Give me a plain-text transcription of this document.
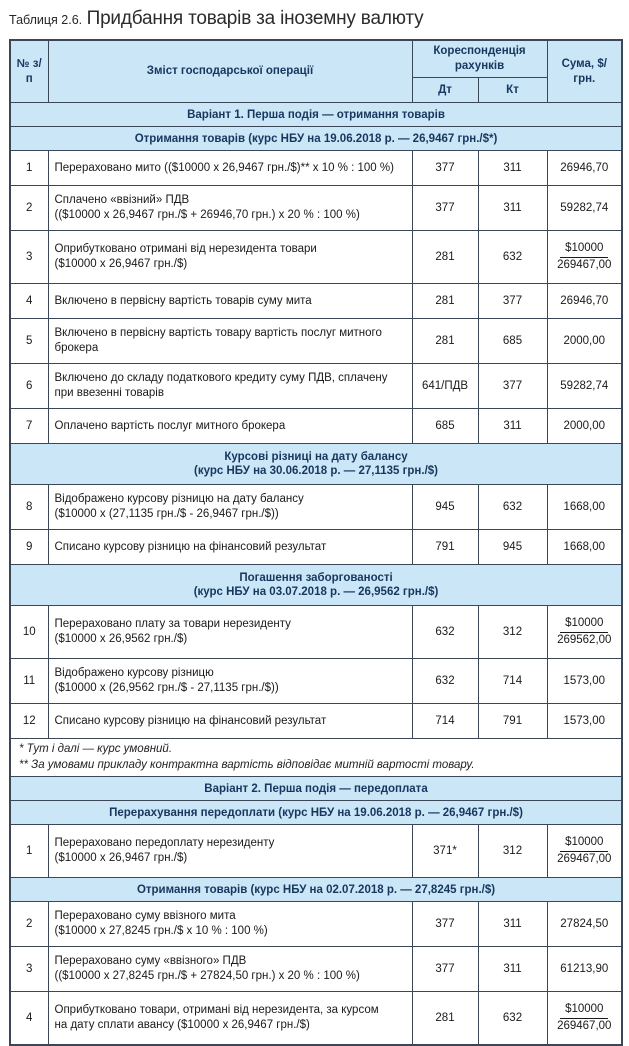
Таблиця 2.6. Придбання товарів за іноземну валюту
№ з/п	Зміст господарської операції	Кореспонденція рахунків		Сума, $/грн.
		Дт	Кт	
Варіант 1. Перша подія — отримання товарів				
Отримання товарів (курс НБУ на 19.06.2018 р. — 26,9467 грн./$*)				
1	Перераховано мито (($10000 х 26,9467 грн./$)** х 10 % : 100 %)	377	311	26946,70
2	Сплачено «ввізний» ПДВ
(($10000 х 26,9467 грн./$ + 26946,70 грн.) х 20 % : 100 %)	377	311	59282,74
3	Оприбутковано отримані від нерезидента товари
($10000 х 26,9467 грн./$)	281	632	$10000
269467,00
4	Включено в первісну вартість товарів суму мита	281	377	26946,70
5	Включено в первісну вартість товару вартість послуг митного
брокера	281	685	2000,00
6	Включено до складу податкового кредиту суму ПДВ, сплачену
при ввезенні товарів	641/ПДВ	377	59282,74
7	Оплачено вартість послуг митного брокера	685	311	2000,00
Курсові різниці на дату балансу
(курс НБУ на 30.06.2018 р. — 27,1135 грн./$)				
8	Відображено курсову різницю на дату балансу
($10000 х (27,1135 грн./$ - 26,9467 грн./$))	945	632	1668,00
9	Списано курсову різницю на фінансовий результат	791	945	1668,00
Погашення заборгованості
(курс НБУ на 03.07.2018 р. — 26,9562 грн./$)				
10	Перераховано плату за товари нерезиденту
($10000 х 26,9562 грн./$)	632	312	$10000
269562,00
11	Відображено курсову різницю
($10000 х (26,9562 грн./$ - 27,1135 грн./$))	632	714	1573,00
12	Списано курсову різницю на фінансовий результат	714	791	1573,00
* Тут і далі — курс умовний.
** За умовами прикладу контрактна вартість відповідає митній вартості товару.				
Варіант 2. Перша подія — передоплата				
Перерахування передоплати (курс НБУ на 19.06.2018 р. — 26,9467 грн./$)				
1	Перераховано передоплату нерезиденту
($10000 х 26,9467 грн./$)	371*	312	$10000
269467,00
Отримання товарів (курс НБУ на 02.07.2018 р. — 27,8245 грн./$)				
2	Перераховано суму ввізного мита
($10000 х 27,8245 грн./$ х 10 % : 100 %)	377	311	27824,50
3	Перераховано суму «ввізного» ПДВ
(($10000 х 27,8245 грн./$ + 27824,50 грн.) х 20 % : 100 %)	377	311	61213,90
4	Оприбутковано товари, отримані від нерезидента, за курсом
на дату сплати авансу ($10000 х 26,9467 грн./$)	281	632	$10000
269467,00
